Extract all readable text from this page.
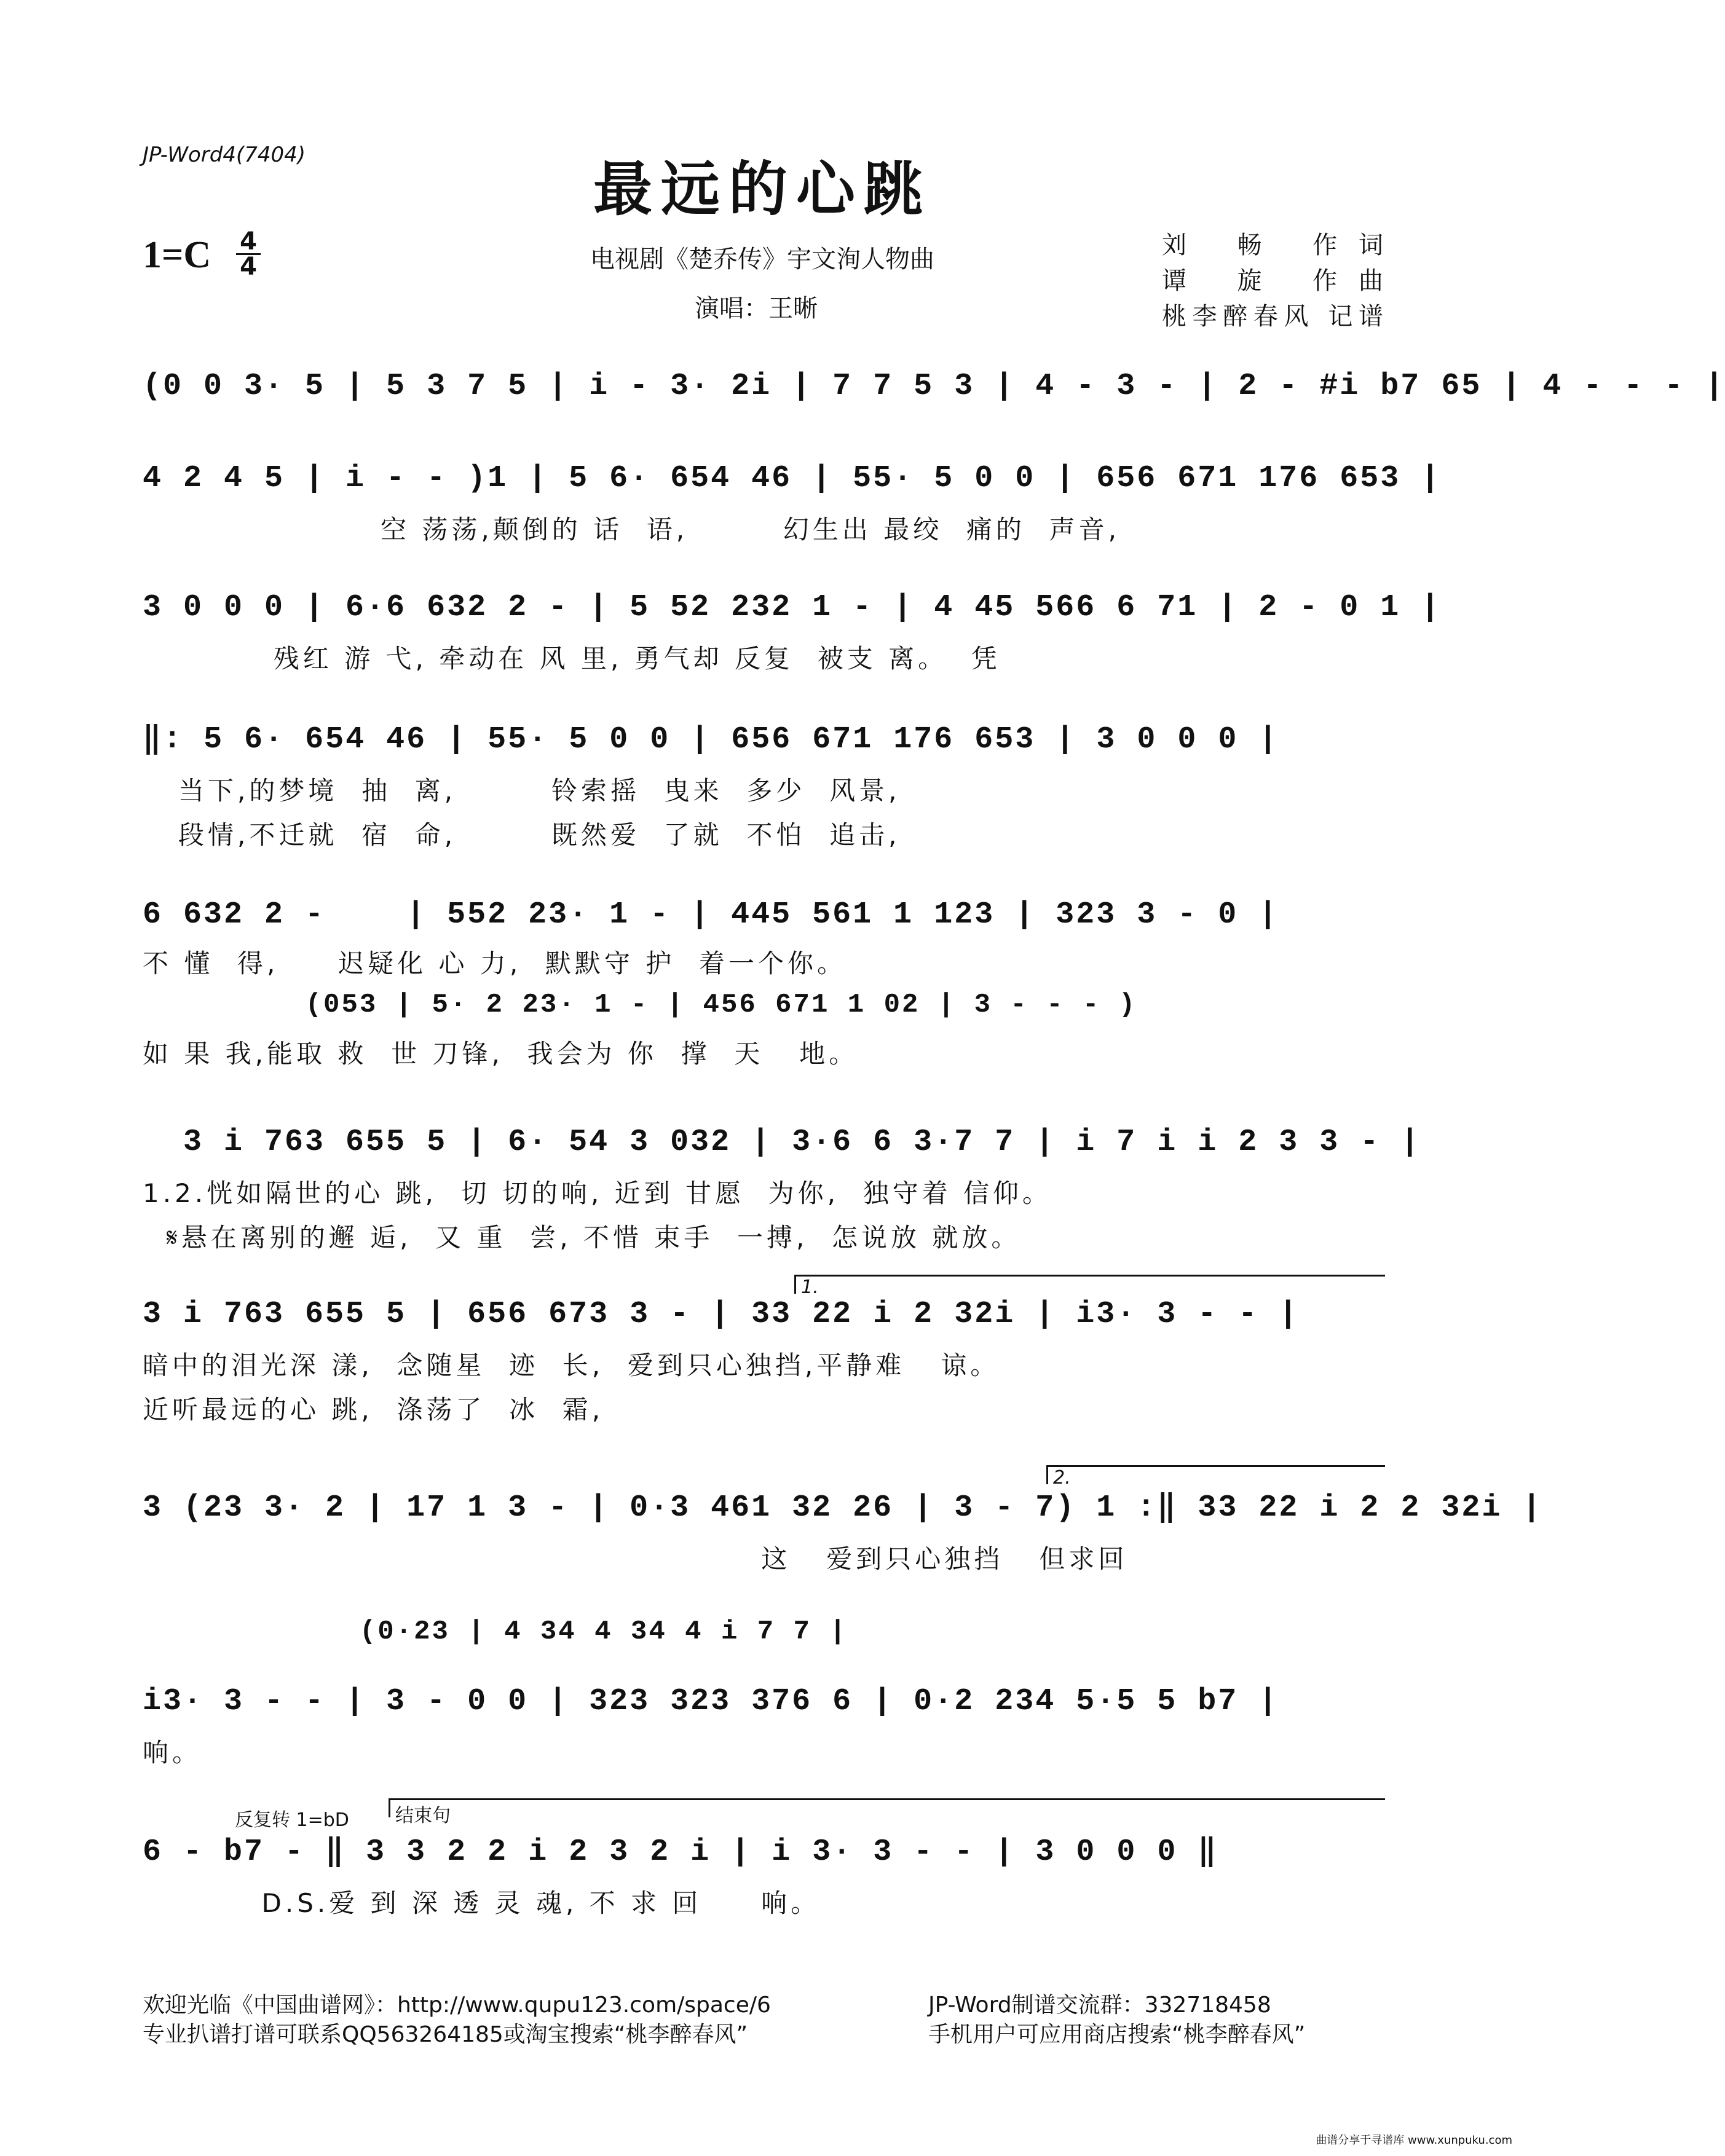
JP-Word4(7404)	最远的心跳
1=C 4
4	电视剧《楚乔传》宇文洵人物曲
演唱：王晰
刘 畅 作词
谭 旋 作曲
桃李醉春风 记谱
(0 0 3· 5 | 5 3 7 5 | i - 3· 2i | 7 7 5 3 | 4 - 3 - | 2 - #i b7 65 | 4 - - - |
4 2 4 5 | i - - )1 | 5 6· 654 46 | 55· 5 0 0 | 656 671 176 653 |
空 荡荡,颠倒的 话  语,        幻生出 最绞  痛的  声音,
3 0 0 0 | 6·6 632 2 - | 5 52 232 1 - | 4 45 566 6 71 | 2 - 0 1 |
残红 游 弋, 牵动在 风 里, 勇气却 反复  被支 离。  凭
‖: 5 6· 654 46 | 55· 5 0 0 | 656 671 176 653 | 3 0 0 0 |
当下,的梦境  抽  离,        铃索摇  曳来  多少  风景,
段情,不迁就  宿  命,        既然爱  了就  不怕  追击,
6 632 2 -    | 552 23· 1 - | 445 561 1 123 | 323 3 - 0 |
不 懂  得,     迟疑化 心 力,  默默守 护  着一个你。
(053 | 5· 2 23· 1 - | 456 671 1 02 | 3 - - - )
如 果 我,能取 救  世 刀锋,  我会为 你  撑  天   地。
3 i 763 655 5 | 6· 54 3 032 | 3·6 6 3·7 7 | i 7 i i 2 3 3 - |
1.2.恍如隔世的心 跳,  切 切的响, 近到 甘愿  为你,  独守着 信仰。
𝄋悬在离别的邂 逅,  又 重  尝, 不惜 束手  一搏,  怎说放 就放。
1.
3 i 763 655 5 | 656 673 3 - | 33 22 i 2 32i | i3· 3 - - |
暗中的泪光深 漾,  念随星  迹  长,  爱到只心独挡,平静难   谅。
近听最远的心 跳,  涤荡了  冰  霜,
2.
3 (23 3· 2 | 17 1 3 - | 0·3 461 32 26 | 3 - 7) 1 :‖ 33 22 i 2 2 32i |
这   爱到只心独挡   但求回
(0·23 | 4 34 4 34 4 i 7 7 |
i3· 3 - - | 3 - 0 0 | 323 323 376 6 | 0·2 234 5·5 5 b7 |
响。
反复转 1=bD	结束句
6 - b7 - ‖ 3 3 2 2 i 2 3 2 i | i 3· 3 - - | 3 0 0 0 ‖
D.S.爱 到 深 透 灵 魂, 不 求 回     响。
欢迎光临《中国曲谱网》：http://www.qupu123.com/space/6
专业扒谱打谱可联系QQ563264185或淘宝搜索“桃李醉春风”
JP-Word制谱交流群：332718458
手机用户可应用商店搜索“桃李醉春风”
曲谱分享于寻谱库 www.xunpuku.com
